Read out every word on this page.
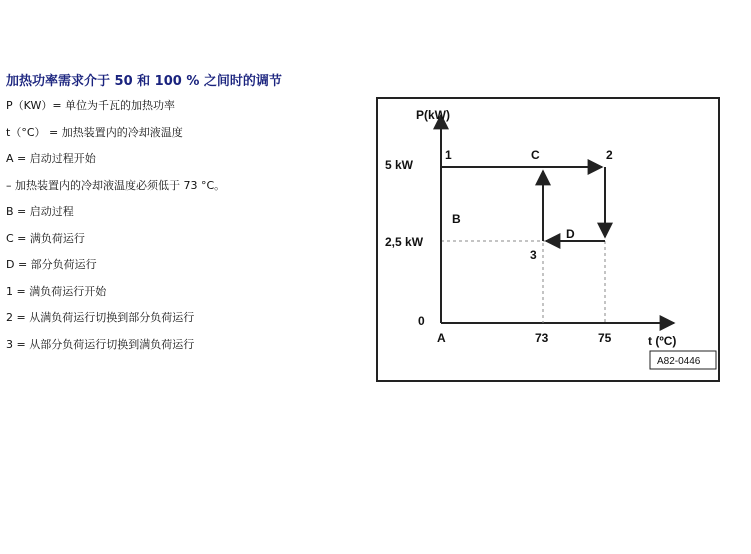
加热功率需求介于 50 和 100 % 之间时的调节
P（KW）= 单位为千瓦的加热功率
t（°C） = 加热装置内的冷却液温度
A = 启动过程开始
– 加热装置内的冷却液温度必须低于 73 °C。
B = 启动过程
C = 满负荷运行
D = 部分负荷运行
1 = 满负荷运行开始
2 = 从满负荷运行切换到部分负荷运行
3 = 从部分负荷运行切换到满负荷运行
P(kW)
t (ºC)
5 kW
2,5 kW
0
A	73	75
1	2
3
B
C
D
A82-0446
